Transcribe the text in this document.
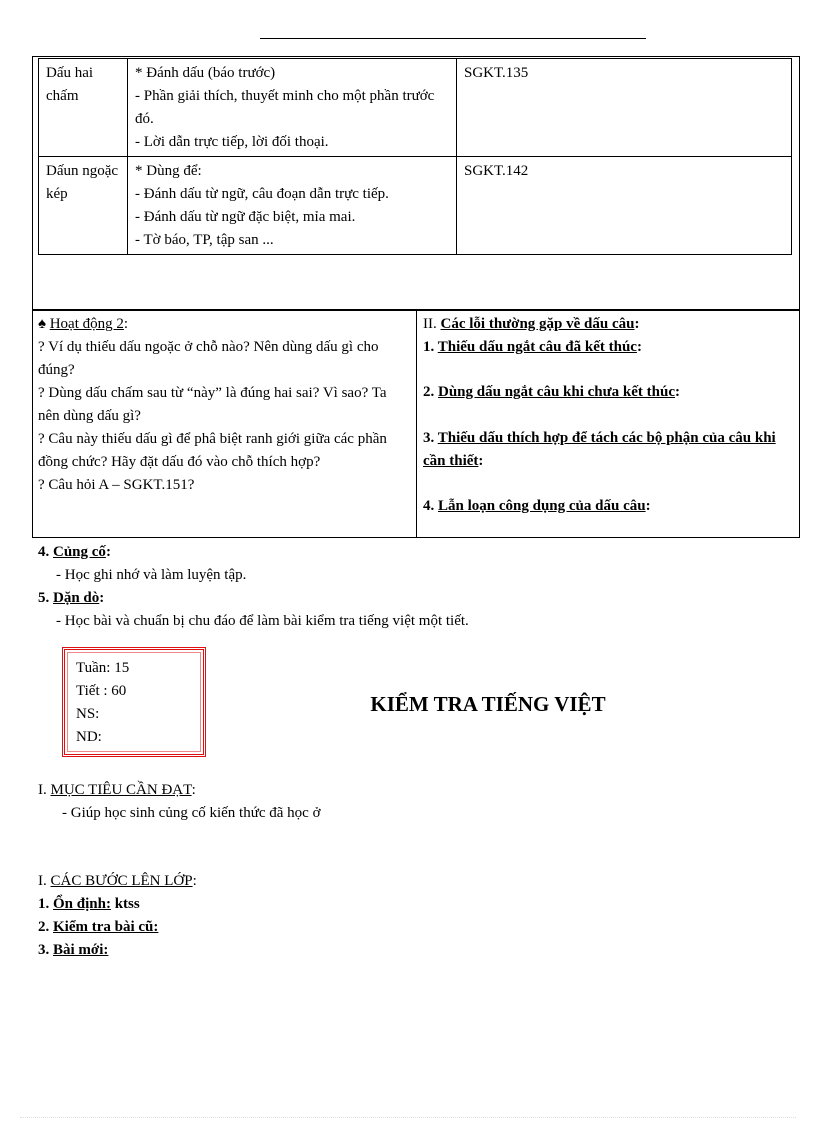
Dấu hai chấm	* Đánh dấu (báo trước)
- Phần giải thích, thuyết minh cho một phần trước đó.
- Lời dẫn trực tiếp, lời đối thoại.	SGKT.135
Dấun ngoặc kép	* Dùng để:
- Đánh dấu từ ngữ, câu đoạn dẫn trực tiếp.
- Đánh dấu từ ngữ đặc biệt, mỉa mai.
- Tờ báo, TP, tập san ...	SGKT.142
♠ Hoạt động 2:
? Ví dụ thiếu dấu ngoặc ở chỗ nào? Nên dùng dấu gì cho đúng?
? Dùng dấu chấm sau từ “này” là đúng hai sai? Vì sao? Ta nên dùng dấu gì?
? Câu này thiếu dấu gì để phâ biệt ranh giới giữa các phần đồng chức? Hãy đặt dấu đó vào chỗ thích hợp?
? Câu hỏi A – SGKT.151?
II. Các lỗi thường gặp về dấu câu:
1. Thiếu dấu ngắt câu đã kết thúc:
2. Dùng dấu ngắt câu khi chưa kết thúc:
3. Thiếu dấu thích hợp để tách các bộ phận của câu khi cần thiết:
4. Lẫn loạn công dụng của dấu câu:
4. Củng cố:
- Học ghi nhớ và làm luyện tập.
5. Dặn dò:
- Học bài và chuẩn bị chu đáo để làm bài kiểm tra tiếng việt một tiết.
Tuần: 15
Tiết : 60
NS:
ND:
KIỂM TRA TIẾNG VIỆT
I. MỤC TIÊU CẦN ĐẠT:
- Giúp học sinh củng cố kiến thức đã học ở
I. CÁC BƯỚC LÊN LỚP:
1. Ổn định: ktss
2. Kiểm tra bài cũ:
3. Bài mới:
